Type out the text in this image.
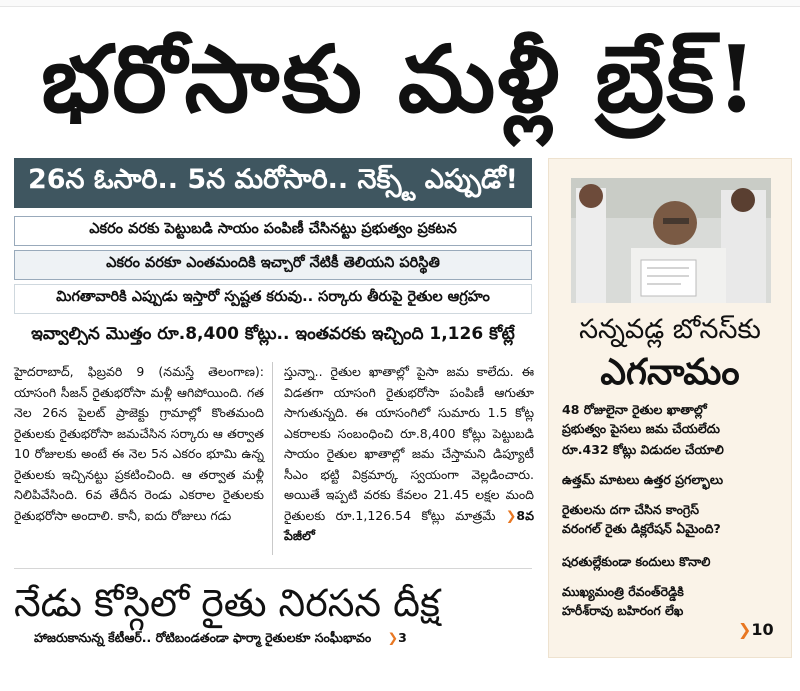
భరోసాకు మళ్లీ బ్రేక్!
26న ఓసారి.. 5న మరోసారి.. నెక్స్ట్ ఎప్పుడో!
ఎకరం వరకు పెట్టుబడి సాయం పంపిణీ చేసినట్టు ప్రభుత్వం ప్రకటన
ఎకరం వరకూ ఎంతమందికి ఇచ్చారో నేటికీ తెలియని పరిస్థితి
మిగతావారికి ఎప్పుడు ఇస్తారో స్పష్టత కరువు.. సర్కారు తీరుపై రైతుల ఆగ్రహం
ఇవ్వాల్సిన మొత్తం రూ.8,400 కోట్లు.. ఇంతవరకు ఇచ్చింది 1,126 కోట్లే
హైదరాబాద్, ఫిబ్రవరి 9 (నమస్తే తెలంగాణ): యాసంగి సీజన్ రైతుభరోసా మళ్లీ ఆగిపోయింది. గత నెల 26న పైలట్ ప్రాజెక్టు గ్రామాల్లో కొంతమంది రైతులకు రైతుభరోసా జమచేసిన సర్కారు ఆ తర్వాత 10 రోజులకు అంటే ఈ నెల 5న ఎకరం భూమి ఉన్న రైతులకు ఇచ్చినట్టు ప్రకటించింది. ఆ తర్వాత మళ్లీ నిలిపివేసింది. 6వ తేదీన రెండు ఎకరాల రైతులకు రైతుభరోసా అందాలి. కానీ, ఐదు రోజులు గడు
స్తున్నా.. రైతుల ఖాతాల్లో పైసా జమ కాలేదు. ఈ విడతగా యాసంగి రైతుభరోసా పంపిణీ ఆగుతూ సాగుతున్నది. ఈ యాసంగిలో సుమారు 1.5 కోట్ల ఎకరాలకు సంబంధించి రూ.8,400 కోట్లు పెట్టుబడి సాయం రైతుల ఖాతాల్లో జమ చేస్తామని డిప్యూటీ సీఎం భట్టి విక్రమార్క స్వయంగా వెల్లడించారు. అయితే ఇప్పటి వరకు కేవలం 21.45 లక్షల మంది రైతులకు రూ.1,126.54 కోట్లు మాత్రమే ❯8వ పేజీలో
నేడు కోస్గిలో రైతు నిరసన దీక్ష
హాజరుకానున్న కేటీఆర్.. రోటిబండతండా ఫార్మా రైతులకూ సంఘీభావం ❯3
సన్నవడ్ల బోనస్‌కు
ఎగనామం
48 రోజులైనా రైతుల ఖాతాల్లో
ప్రభుత్వం పైసలు జమ చేయలేదు
రూ.432 కోట్లు విడుదల చేయాలి
ఉత్తమ్ మాటలు ఉత్తర ప్రగల్భాలు
రైతులను దగా చేసిన కాంగ్రెస్
వరంగల్ రైతు డిక్లరేషన్ ఏమైంది?
షరతుల్లేకుండా కందులు కొనాలి
ముఖ్యమంత్రి రేవంత్‌రెడ్డికి
హరీశ్‌రావు బహిరంగ లేఖ
❯10
